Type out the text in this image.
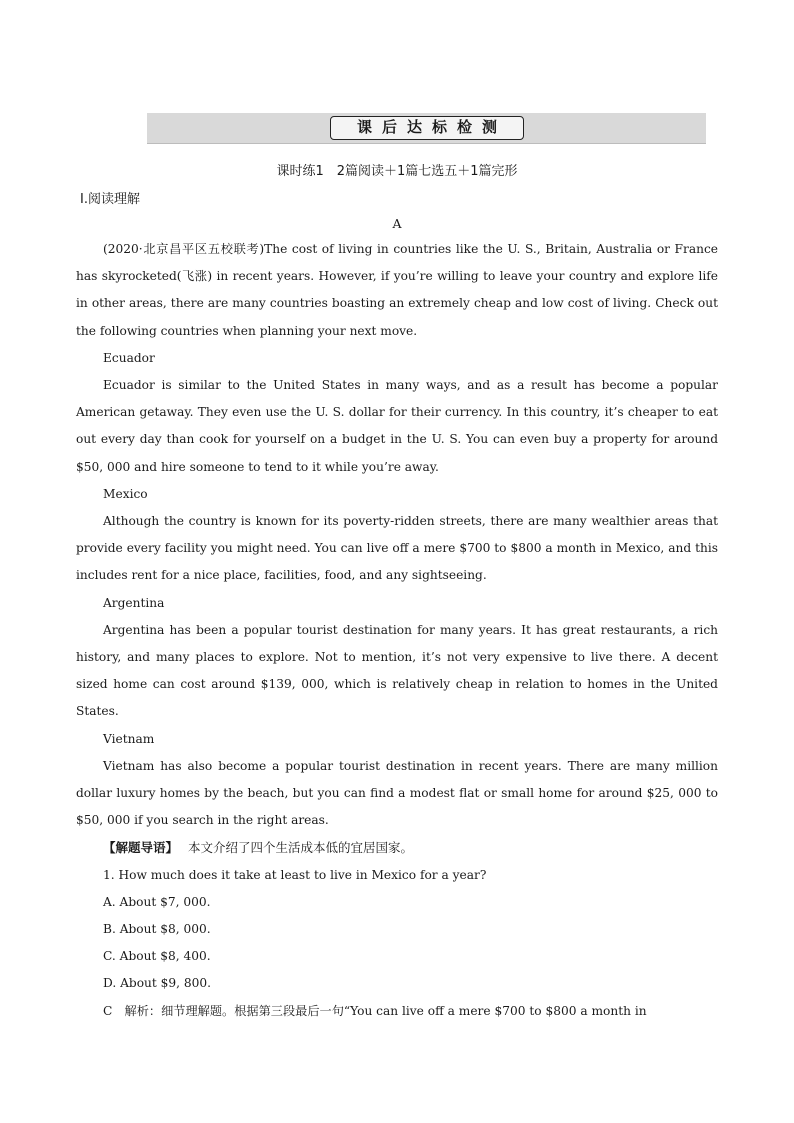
课后达标检测
课时练1　2篇阅读＋1篇七选五＋1篇完形
Ⅰ.阅读理解
A

(2020·北京昌平区五校联考)The cost of living in countries like the U. S., Britain, Australia or France has skyrocketed(飞涨) in recent years. However, if you’re willing to leave your country and explore life in other areas, there are many countries boasting an extremely cheap and low cost of living. Check out the following countries when planning your next move.

Ecuador

Ecuador is similar to the United States in many ways, and as a result has become a popular American getaway. They even use the U. S. dollar for their currency. In this country, it’s cheaper to eat out every day than cook for yourself on a budget in the U. S. You can even buy a property for around $50, 000 and hire someone to tend to it while you’re away.

Mexico

Although the country is known for its poverty-ridden streets, there are many wealthier areas that provide every facility you might need. You can live off a mere $700 to $800 a month in Mexico, and this includes rent for a nice place, facilities, food, and any sightseeing.

Argentina

Argentina has been a popular tourist destination for many years. It has great restaurants, a rich history, and many places to explore. Not to mention, it’s not very expensive to live there. A decent sized home can cost around $139, 000, which is relatively cheap in relation to homes in the United States.

Vietnam

Vietnam has also become a popular tourist destination in recent years. There are many million dollar luxury homes by the beach, but you can find a modest flat or small home for around $25, 000 to $50, 000 if you search in the right areas.

【解题导语】 本文介绍了四个生活成本低的宜居国家。

1. How much does it take at least to live in Mexico for a year?

A. About $7, 000.

B. About $8, 000.

C. About $8, 400.

D. About $9, 800.

C　解析：细节理解题。根据第三段最后一句“You can live off a mere $700 to $800 a month in
